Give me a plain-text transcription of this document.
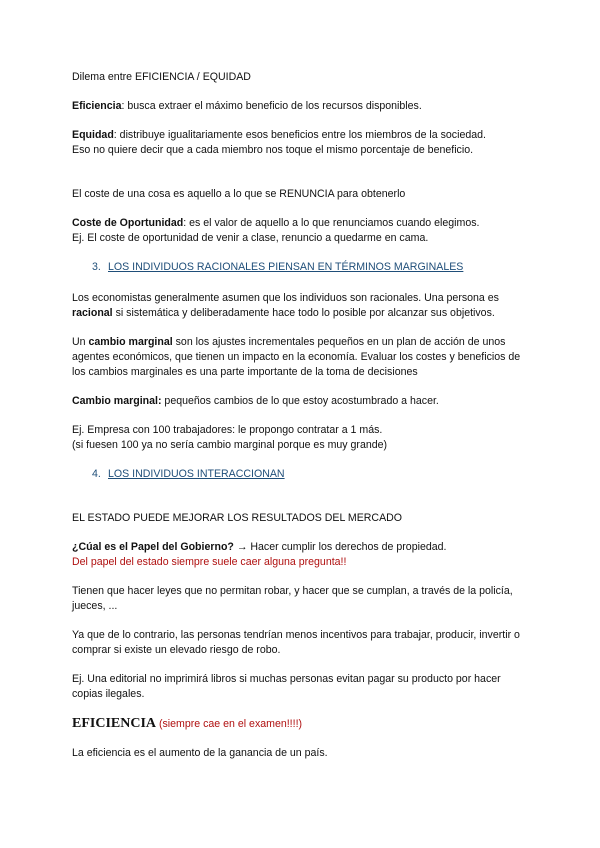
Dilema entre EFICIENCIA / EQUIDAD

Eficiencia: busca extraer el máximo beneficio de los recursos disponibles.

Equidad: distribuye igualitariamente esos beneficios entre los miembros de la sociedad.

Eso no quiere decir que a cada miembro nos toque el mismo porcentaje de beneficio.

El coste de una cosa es aquello a lo que se RENUNCIA para obtenerlo

Coste de Oportunidad: es el valor de aquello a lo que renunciamos cuando elegimos.

Ej. El coste de oportunidad de venir a clase, renuncio a quedarme en cama.

3. LOS INDIVIDUOS RACIONALES PIENSAN EN TÉRMINOS MARGINALES

Los economistas generalmente asumen que los individuos son racionales. Una persona es racional si sistemática y deliberadamente hace todo lo posible por alcanzar sus objetivos.

Un cambio marginal son los ajustes incrementales pequeños en un plan de acción de unos agentes económicos, que tienen un impacto en la economía. Evaluar los costes y beneficios de los cambios marginales es una parte importante de la toma de decisiones

Cambio marginal: pequeños cambios de lo que estoy acostumbrado a hacer.

Ej. Empresa con 100 trabajadores: le propongo contratar a 1 más.

(si fuesen 100 ya no sería cambio marginal porque es muy grande)

4. LOS INDIVIDUOS INTERACCIONAN

EL ESTADO PUEDE MEJORAR LOS RESULTADOS DEL MERCADO

¿Cúal es el Papel del Gobierno? → Hacer cumplir los derechos de propiedad.

Del papel del estado siempre suele caer alguna pregunta!!

Tienen que hacer leyes que no permitan robar, y hacer que se cumplan, a través de la policía, jueces, ...

Ya que de lo contrario, las personas tendrían menos incentivos para trabajar, producir, invertir o comprar si existe un elevado riesgo de robo.

Ej. Una editorial no imprimirá libros si muchas personas evitan pagar su producto por hacer copias ilegales.

EFICIENCIA (siempre cae en el examen!!!!)

La eficiencia es el aumento de la ganancia de un país.
